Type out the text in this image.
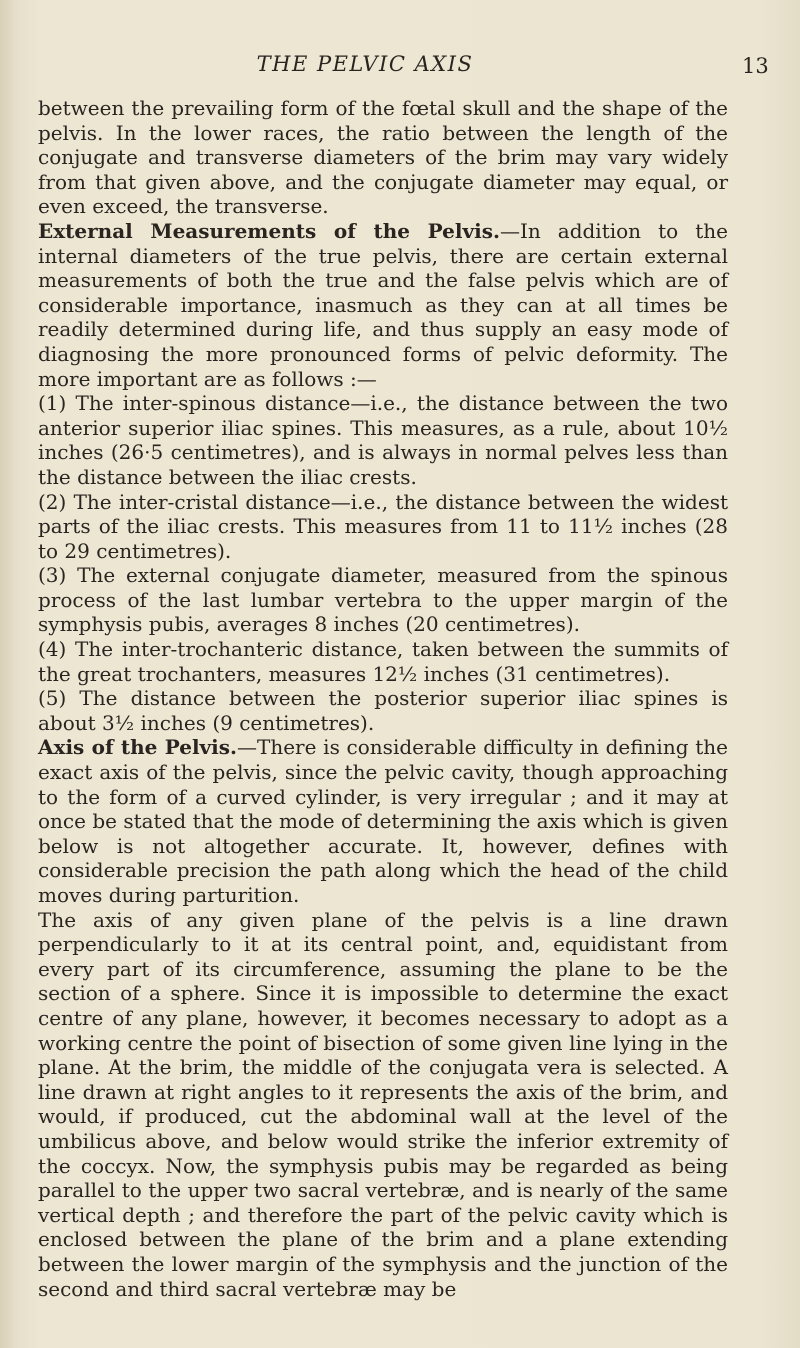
THE PELVIC AXIS	13

between the prevailing form of the fœtal skull and the shape of the pelvis. In the lower races, the ratio between the length of the conjugate and transverse diameters of the brim may vary widely from that given above, and the conjugate diameter may equal, or even exceed, the transverse.

External Measurements of the Pelvis.—In addition to the internal diameters of the true pelvis, there are certain external measurements of both the true and the false pelvis which are of considerable importance, inasmuch as they can at all times be readily determined during life, and thus supply an easy mode of diagnosing the more pronounced forms of pelvic deformity. The more important are as follows :—

(1) The inter-spinous distance—i.e., the distance between the two anterior superior iliac spines. This measures, as a rule, about 10½ inches (26·5 centimetres), and is always in normal pelves less than the distance between the iliac crests.

(2) The inter-cristal distance—i.e., the distance between the widest parts of the iliac crests. This measures from 11 to 11½ inches (28 to 29 centimetres).

(3) The external conjugate diameter, measured from the spinous process of the last lumbar vertebra to the upper margin of the symphysis pubis, averages 8 inches (20 centimetres).

(4) The inter-trochanteric distance, taken between the summits of the great trochanters, measures 12½ inches (31 centimetres).

(5) The distance between the posterior superior iliac spines is about 3½ inches (9 centimetres).

Axis of the Pelvis.—There is considerable difficulty in defining the exact axis of the pelvis, since the pelvic cavity, though approaching to the form of a curved cylinder, is very irregular ; and it may at once be stated that the mode of determining the axis which is given below is not altogether accurate. It, however, defines with considerable precision the path along which the head of the child moves during parturition.

The axis of any given plane of the pelvis is a line drawn perpendicularly to it at its central point, and, equidistant from every part of its circumference, assuming the plane to be the section of a sphere. Since it is impossible to determine the exact centre of any plane, however, it becomes necessary to adopt as a working centre the point of bisection of some given line lying in the plane. At the brim, the middle of the conjugata vera is selected. A line drawn at right angles to it represents the axis of the brim, and would, if produced, cut the abdominal wall at the level of the umbilicus above, and below would strike the inferior extremity of the coccyx. Now, the symphysis pubis may be regarded as being parallel to the upper two sacral vertebræ, and is nearly of the same vertical depth ; and therefore the part of the pelvic cavity which is enclosed between the plane of the brim and a plane extending between the lower margin of the symphysis and the junction of the second and third sacral vertebræ may be
